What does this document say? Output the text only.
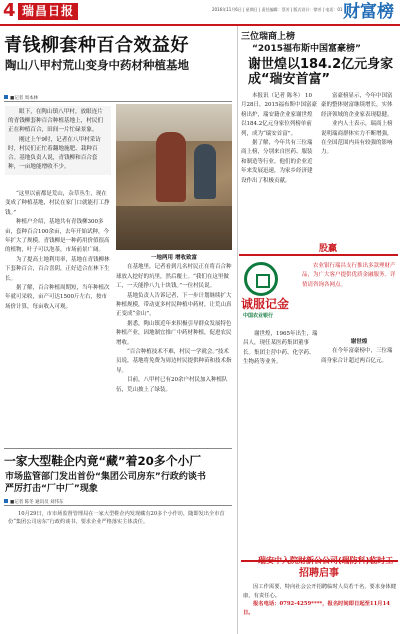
4 瑞昌日报	2016年11月6日 | 星期日 | 责任编辑：蔡芳 | 版式设计：徐芳 | 电话：01 财富榜
青钱柳套种百合效益好
陶山八甲村荒山变身中药材种植基地
■记者 周本林

眼下，在陶山镇八甲村，放眼连片的青钱柳套种百合种植基地上，村民们正在种植百合，田间一片忙碌景象。

刚过上午9时，记者在八甲村采访时，村民们正忙着翻地施肥、栽种百合。基地负责人说，青钱柳和百合套种，一亩地能增收不少。

“这里以前都是荒山，杂草丛生，现在变成了种植基地，村民在家门口就能打工挣钱。”

种植户介绍，基地共有青钱柳300多亩，套种百合100余亩，去年开始试种，今年扩大了规模。青钱柳是一种药用价值很高的植物，叶子可以泡茶，市场前景广阔。

为了提高土地利用率，基地在青钱柳林下套种百合，百合喜阴，正好适合在林下生长。

据了解，百合种植周期短，当年种植次年就可采收，亩产可达1500斤左右，按市场价计算，每亩收入可观。

一地两用 增收致富

在基地里，记者看到几名村民正在将百合种球放入挖好的坑里，然后覆土。“我们在这里做工，一天能挣八九十块钱。”一位村民说。

基地负责人告诉记者，下一步计划继续扩大种植规模，带动更多村民种植中药材，让荒山真正变成“金山”。

据悉，陶山镇近年来积极引导群众发展特色种植产业，因地制宜推广中药材种植，促进农民增收。

“百合种植技术不难，村民一学就会。”技术员说，基地将免费为周边村民提供种苗和技术指导。

目前，八甲村已有20余户村民加入种植队伍，荒山披上了绿装。

三位瑞商上榜
“2015福布斯中国富豪榜”
谢世煌以184.2亿元身家
成“瑞安首富”

本报讯（记者 陈冬） 10月28日，2015福布斯中国富豪榜出炉，瑞安籍企业家谢世煌以184.2亿元身家位列榜单前列，成为“瑞安首富”。

据了解，今年共有三位瑞商上榜，分别来自医药、服装和制造等行业。他们的企业近年来发展迅速，为家乡经济建设作出了积极贡献。

富豪榜显示，今年中国富豪的整体财富继续增长，实体经济领域的企业家表现稳健。

业内人士表示，瑞商上榜说明瑞商群体实力不断增强，在全国范围内具有较强的影响力。

股赢
诚服记金
中国农业银行

农业银行瑞昌支行推出多款理财产品，为广大客户提供优质金融服务。详情请咨询各网点。

谢世煌，1965年出生，瑞昌人，现任某医药集团董事长。集团主营中药、化学药、生物药等业务。

谢世煌

在今年富豪榜中，三位瑞商身家合计超过两百亿元。

瑞安中入院财新公公司(瑞防科)临时工
招聘启事

因工作需要，特向社会公开招聘临时人员若干名，要求身体健康，有责任心。

报名电话：0792-4259****，报名时间即日起至11月14日。

一家大型鞋企内竟“藏”着20多个小厂
市场监管部门发出首份“集团公司房东”行政约谈书
严厉打击“厂中厂”现象
■记者 陈冬 通讯员 刘伟东
10月29日，市市场监督管理局在一家大型鞋企内发现藏有20多个小作坊，随即发出全市首份“集团公司房东”行政约谈书，要求企业严格落实主体责任。
